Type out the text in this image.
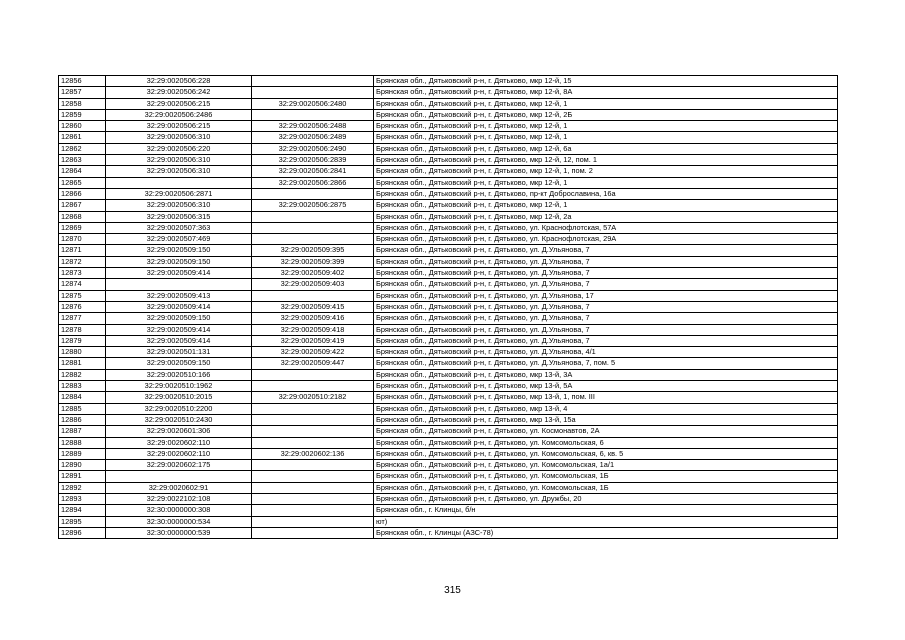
12856	32:29:0020506:228		Брянская обл., Дятьковский р-н, г. Дятьково, мкр 12-й, 15
12857	32:29:0020506:242		Брянская обл., Дятьковский р-н, г. Дятьково, мкр 12-й, 8А
12858	32:29:0020506:215	32:29:0020506:2480	Брянская обл., Дятьковский р-н, г. Дятьково, мкр 12-й, 1
12859	32:29:0020506:2486		Брянская обл., Дятьковский р-н, г. Дятьково, мкр 12-й, 2Б
12860	32:29:0020506:215	32:29:0020506:2488	Брянская обл., Дятьковский р-н, г. Дятьково, мкр 12-й, 1
12861	32:29:0020506:310	32:29:0020506:2489	Брянская обл., Дятьковский р-н, г. Дятьково, мкр 12-й, 1
12862	32:29:0020506:220	32:29:0020506:2490	Брянская обл., Дятьковский р-н, г. Дятьково, мкр 12-й, 6а
12863	32:29:0020506:310	32:29:0020506:2839	Брянская обл., Дятьковский р-н, г. Дятьково, мкр 12-й, 12, пом. 1
12864	32:29:0020506:310	32:29:0020506:2841	Брянская обл., Дятьковский р-н, г. Дятьково, мкр 12-й, 1, пом. 2
12865		32:29:0020506:2866	Брянская обл., Дятьковский р-н, г. Дятьково, мкр 12-й, 1
12866	32:29:0020506:2871		Брянская обл., Дятьковский р-н, г. Дятьково, пр-кт Доброславина, 16а
12867	32:29:0020506:310	32:29:0020506:2875	Брянская обл., Дятьковский р-н, г. Дятьково, мкр 12-й, 1
12868	32:29:0020506:315		Брянская обл., Дятьковский р-н, г. Дятьково, мкр 12-й, 2а
12869	32:29:0020507:363		Брянская обл., Дятьковский р-н, г. Дятьково, ул. Краснофлотская, 57А
12870	32:29:0020507:469		Брянская обл., Дятьковский р-н, г. Дятьково, ул. Краснофлотская, 29А
12871	32:29:0020509:150	32:29:0020509:395	Брянская обл., Дятьковский р-н, г. Дятьково, ул. Д.Ульянова, 7
12872	32:29:0020509:150	32:29:0020509:399	Брянская обл., Дятьковский р-н, г. Дятьково, ул. Д.Ульянова, 7
12873	32:29:0020509:414	32:29:0020509:402	Брянская обл., Дятьковский р-н, г. Дятьково, ул. Д.Ульянова, 7
12874		32:29:0020509:403	Брянская обл., Дятьковский р-н, г. Дятьково, ул. Д.Ульянова, 7
12875	32:29:0020509:413		Брянская обл., Дятьковский р-н, г. Дятьково, ул. Д.Ульянова, 17
12876	32:29:0020509:414	32:29:0020509:415	Брянская обл., Дятьковский р-н, г. Дятьково, ул. Д.Ульянова, 7
12877	32:29:0020509:150	32:29:0020509:416	Брянская обл., Дятьковский р-н, г. Дятьково, ул. Д.Ульянова, 7
12878	32:29:0020509:414	32:29:0020509:418	Брянская обл., Дятьковский р-н, г. Дятьково, ул. Д.Ульянова, 7
12879	32:29:0020509:414	32:29:0020509:419	Брянская обл., Дятьковский р-н, г. Дятьково, ул. Д.Ульянова, 7
12880	32:29:0020501:131	32:29:0020509:422	Брянская обл., Дятьковский р-н, г. Дятьково, ул. Д.Ульянова, 4/1
12881	32:29:0020509:150	32:29:0020509:447	Брянская обл., Дятьковский р-н, г. Дятьково, ул. Д.Ульянова, 7, пом. 5
12882	32:29:0020510:166		Брянская обл., Дятьковский р-н, г. Дятьково, мкр 13-й, 3А
12883	32:29:0020510:1962		Брянская обл., Дятьковский р-н, г. Дятьково, мкр 13-й, 5А
12884	32:29:0020510:2015	32:29:0020510:2182	Брянская обл., Дятьковский р-н, г. Дятьково, мкр 13-й, 1, пом. III
12885	32:29:0020510:2200		Брянская обл., Дятьковский р-н, г. Дятьково, мкр 13-й, 4
12886	32:29:0020510:2430		Брянская обл., Дятьковский р-н, г. Дятьково, мкр 13-й, 15а
12887	32:29:0020601:306		Брянская обл., Дятьковский р-н, г. Дятьково, ул. Космонавтов, 2А
12888	32:29:0020602:110		Брянская обл., Дятьковский р-н, г. Дятьково, ул. Комсомольская, 6
12889	32:29:0020602:110	32:29:0020602:136	Брянская обл., Дятьковский р-н, г. Дятьково, ул. Комсомольская, 6, кв. 5
12890	32:29:0020602:175		Брянская обл., Дятьковский р-н, г. Дятьково, ул. Комсомольская, 1а/1
12891			Брянская обл., Дятьковский р-н, г. Дятьково, ул. Комсомольская, 1Б
12892	32:29:0020602:91		Брянская обл., Дятьковский р-н, г. Дятьково, ул. Комсомольская, 1Б
12893	32:29:0022102:108		Брянская обл., Дятьковский р-н, г. Дятьково, ул. Дружбы, 20
12894	32:30:0000000:308		Брянская обл., г. Клинцы, б/н
12895	32:30:0000000:534		ют)
12896	32:30:0000000:539		Брянская обл., г. Клинцы (АЗС-78)
315
